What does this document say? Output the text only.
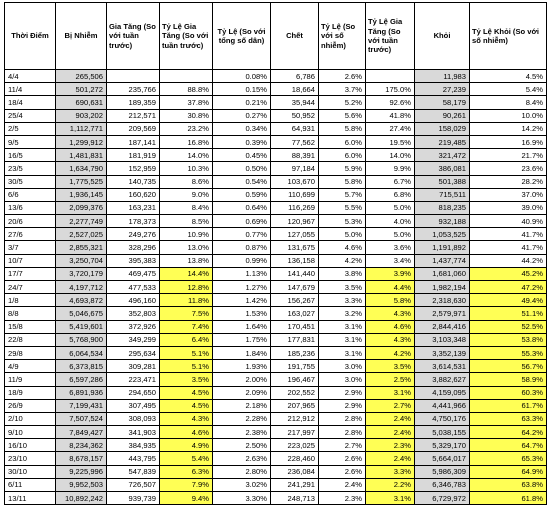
Thời Điểm	Bị Nhiễm	Gia Tăng (So với tuần trước)	Tỷ Lệ Gia Tăng (So với tuần trước)	Tỷ Lệ (So với tổng số dân)	Chết	Tỷ Lệ (So với số nhiễm)	Tỷ Lệ Gia Tăng (So với tuần trước)	Khỏi	Tỷ Lệ Khỏi (So với số nhiễm)
4/4	265,506			0.08%	6,786	2.6%		11,983	4.5%
11/4	501,272	235,766	88.8%	0.15%	18,664	3.7%	175.0%	27,239	5.4%
18/4	690,631	189,359	37.8%	0.21%	35,944	5.2%	92.6%	58,179	8.4%
25/4	903,202	212,571	30.8%	0.27%	50,952	5.6%	41.8%	90,261	10.0%
2/5	1,112,771	209,569	23.2%	0.34%	64,931	5.8%	27.4%	158,029	14.2%
9/5	1,299,912	187,141	16.8%	0.39%	77,562	6.0%	19.5%	219,485	16.9%
16/5	1,481,831	181,919	14.0%	0.45%	88,391	6.0%	14.0%	321,472	21.7%
23/5	1,634,790	152,959	10.3%	0.50%	97,184	5.9%	9.9%	386,081	23.6%
30/5	1,775,525	140,735	8.6%	0.54%	103,670	5.8%	6.7%	501,388	28.2%
6/6	1,936,145	160,620	9.0%	0.59%	110,699	5.7%	6.8%	715,511	37.0%
13/6	2,099,376	163,231	8.4%	0.64%	116,269	5.5%	5.0%	818,235	39.0%
20/6	2,277,749	178,373	8.5%	0.69%	120,967	5.3%	4.0%	932,188	40.9%
27/6	2,527,025	249,276	10.9%	0.77%	127,055	5.0%	5.0%	1,053,525	41.7%
3/7	2,855,321	328,296	13.0%	0.87%	131,675	4.6%	3.6%	1,191,892	41.7%
10/7	3,250,704	395,383	13.8%	0.99%	136,158	4.2%	3.4%	1,437,774	44.2%
17/7	3,720,179	469,475	14.4%	1.13%	141,440	3.8%	3.9%	1,681,060	45.2%
24/7	4,197,712	477,533	12.8%	1.27%	147,679	3.5%	4.4%	1,982,194	47.2%
1/8	4,693,872	496,160	11.8%	1.42%	156,267	3.3%	5.8%	2,318,630	49.4%
8/8	5,046,675	352,803	7.5%	1.53%	163,027	3.2%	4.3%	2,579,971	51.1%
15/8	5,419,601	372,926	7.4%	1.64%	170,451	3.1%	4.6%	2,844,416	52.5%
22/8	5,768,900	349,299	6.4%	1.75%	177,831	3.1%	4.3%	3,103,348	53.8%
29/8	6,064,534	295,634	5.1%	1.84%	185,236	3.1%	4.2%	3,352,139	55.3%
4/9	6,373,815	309,281	5.1%	1.93%	191,755	3.0%	3.5%	3,614,531	56.7%
11/9	6,597,286	223,471	3.5%	2.00%	196,467	3.0%	2.5%	3,882,627	58.9%
18/9	6,891,936	294,650	4.5%	2.09%	202,552	2.9%	3.1%	4,159,095	60.3%
26/9	7,199,431	307,495	4.5%	2.18%	207,965	2.9%	2.7%	4,441,966	61.7%
2/10	7,507,524	308,093	4.3%	2.28%	212,912	2.8%	2.4%	4,750,176	63.3%
9/10	7,849,427	341,903	4.6%	2.38%	217,997	2.8%	2.4%	5,038,155	64.2%
16/10	8,234,362	384,935	4.9%	2.50%	223,025	2.7%	2.3%	5,329,170	64.7%
23/10	8,678,157	443,795	5.4%	2.63%	228,460	2.6%	2.4%	5,664,017	65.3%
30/10	9,225,996	547,839	6.3%	2.80%	236,084	2.6%	3.3%	5,986,309	64.9%
6/11	9,952,503	726,507	7.9%	3.02%	241,291	2.4%	2.2%	6,346,783	63.8%
13/11	10,892,242	939,739	9.4%	3.30%	248,713	2.3%	3.1%	6,729,972	61.8%
